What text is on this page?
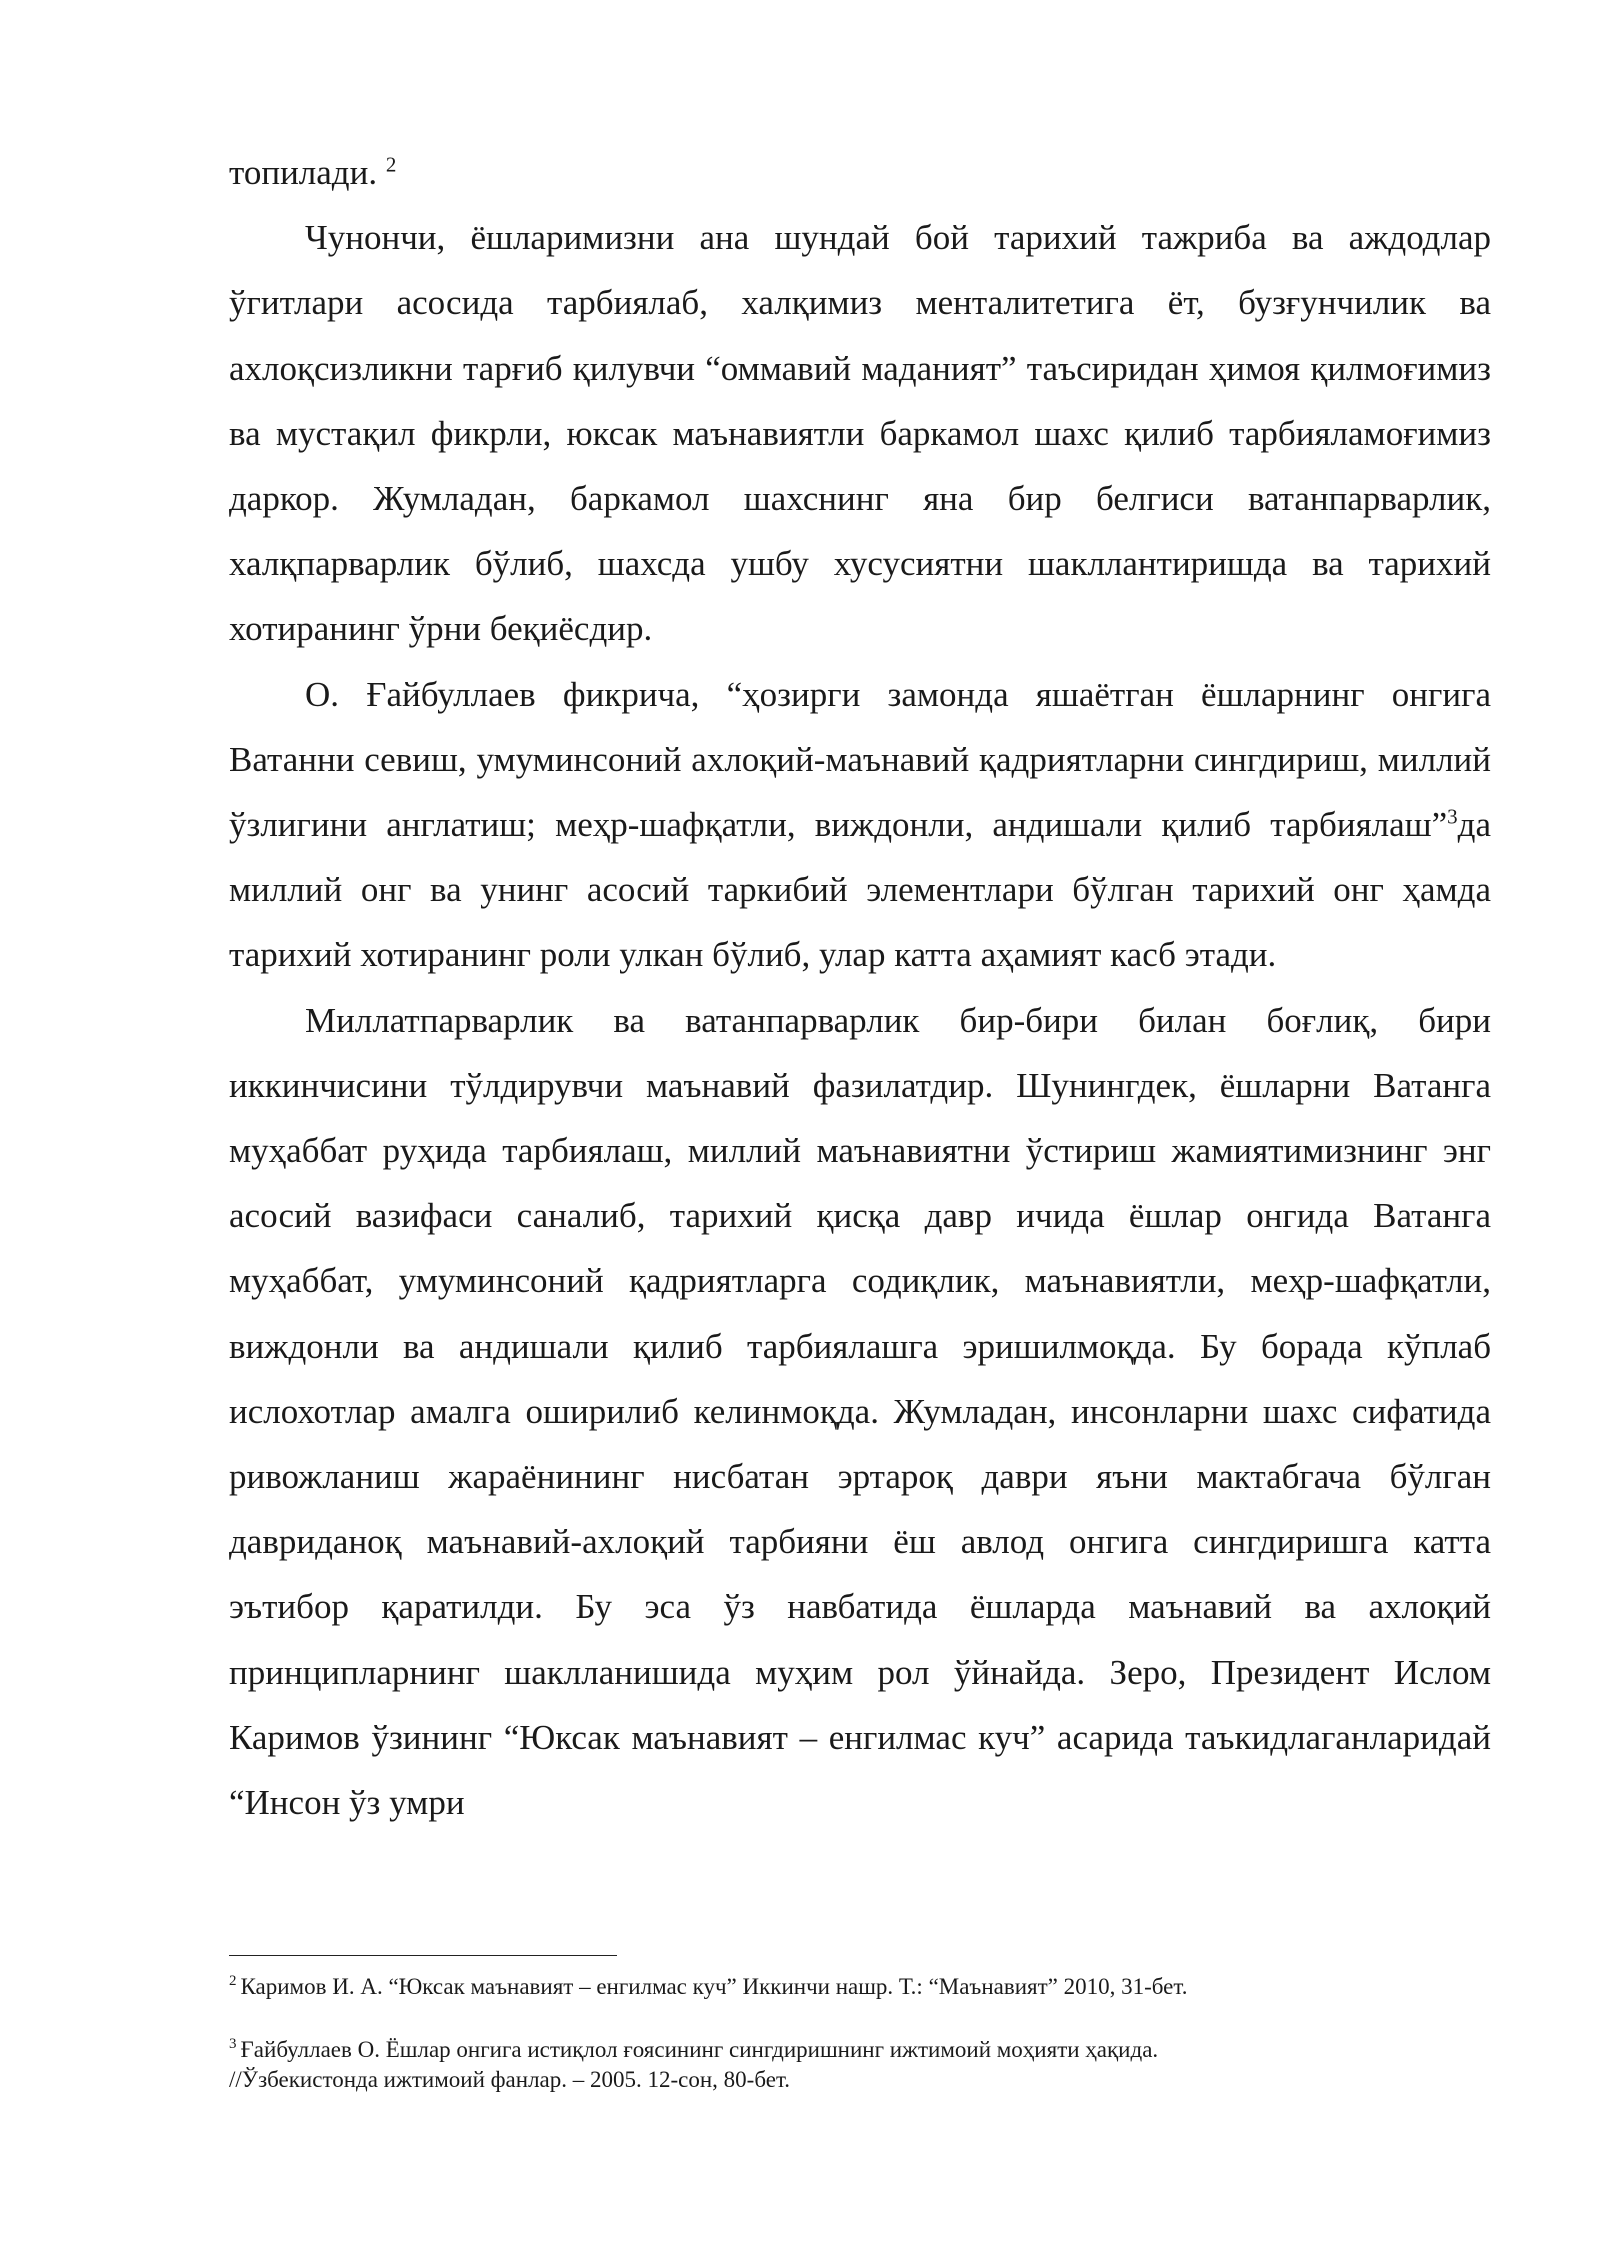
топилади. $^2$

Чунончи, ёшларимизни ана шундай бой тарихий тажриба ва аждодлар ўгитлари асосида тарбиялаб, халқимиз менталитетига ёт, бузғунчилик ва ахлоқсизликни тарғиб қилувчи “оммавий маданият” таъсиридан ҳимоя қилмоғимиз ва мустақил фикрли, юксак маънавиятли баркамол шахс қилиб тарбияламоғимиз даркор. Жумладан, баркамол шахснинг яна бир белгиси ватанпарварлик, халқпарварлик бўлиб, шахсда ушбу хусусиятни шакллантиришда ва тарихий хотиранинг ўрни беқиёсдир.

О. Ғайбуллаев фикрича, “ҳозирги замонда яшаётган ёшларнинг онгига Ватанни севиш, умуминсоний ахлоқий-маънавий қадриятларни сингдириш, миллий ўзлигини англатиш; меҳр-шафқатли, виждонли, андишали қилиб тарбиялаш”$^3$да миллий онг ва унинг асосий таркибий элементлари бўлган тарихий онг ҳамда тарихий хотиранинг роли улкан бўлиб, улар катта аҳамият касб этади.

Миллатпарварлик ва ватанпарварлик бир-бири билан боғлиқ, бири иккинчисини тўлдирувчи маънавий фазилатдир. Шунингдек, ёшларни Ватанга муҳаббат руҳида тарбиялаш, миллий маънавиятни ўстириш жамиятимизнинг энг асосий вазифаси саналиб, тарихий қисқа давр ичида ёшлар онгида Ватанга муҳаббат, умуминсоний қадриятларга содиқлик, маънавиятли, меҳр-шафқатли, виждонли ва андишали қилиб тарбиялашга эришилмоқда. Бу борада кўплаб ислохотлар амалга оширилиб келинмоқда. Жумладан, инсонларни шахс сифатида ривожланиш жараёнининг нисбатан эртароқ даври яъни мактабгача бўлган давриданоқ маънавий-ахлоқий тарбияни ёш авлод онгига сингдиришга катта эътибор қаратилди. Бу эса ўз навбатида ёшларда маънавий ва ахлоқий принципларнинг шаклланишида муҳим рол ўйнайда. Зеро, Президент Ислом Каримов ўзининг “Юксак маънавият – енгилмас куч” асарида таъкидлаганларидай “Инсон ўз умри

$^2$ Каримов И. А. “Юксак маънавият – енгилмас куч” Иккинчи нашр. Т.: “Маънавият” 2010, 31-бет.

$^3$ Ғайбуллаев О. Ёшлар онгига истиқлол ғоясининг сингдиришнинг ижтимоий моҳияти ҳақида.
//Ўзбекистонда ижтимоий фанлар. – 2005. 12-сон, 80-бет.
